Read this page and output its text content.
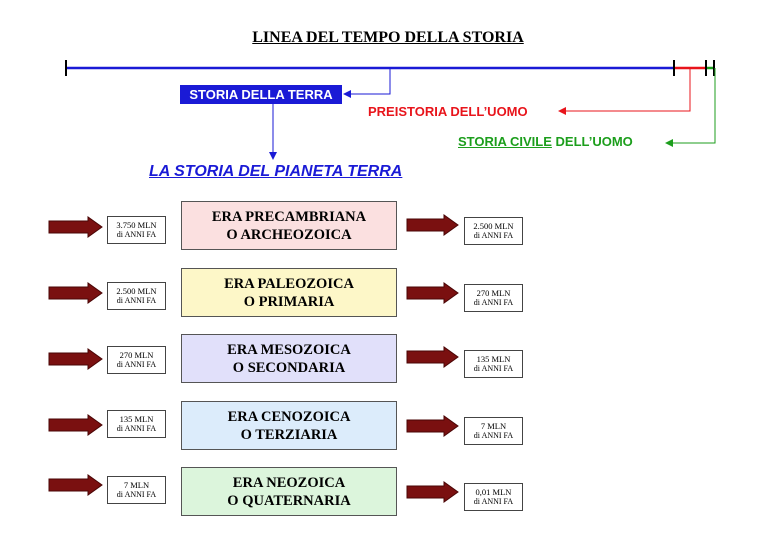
LINEA DEL TEMPO DELLA STORIA
STORIA DELLA TERRA
PREISTORIA DELL’UOMO
STORIA CIVILE DELL’UOMO
LA STORIA DEL PIANETA TERRA
3.750 MLN
di ANNI FA
ERA PRECAMBRIANA
O ARCHEOZOICA
2.500 MLN
di ANNI FA
2.500 MLN
di ANNI FA
ERA PALEOZOICA
O PRIMARIA
270 MLN
di ANNI FA
270 MLN
di ANNI FA
ERA MESOZOICA
O SECONDARIA
135 MLN
di ANNI FA
135 MLN
di ANNI FA
ERA CENOZOICA
O TERZIARIA
7 MLN
di ANNI FA
7 MLN
di ANNI FA
ERA NEOZOICA
O QUATERNARIA
0,01 MLN
di ANNI FA
